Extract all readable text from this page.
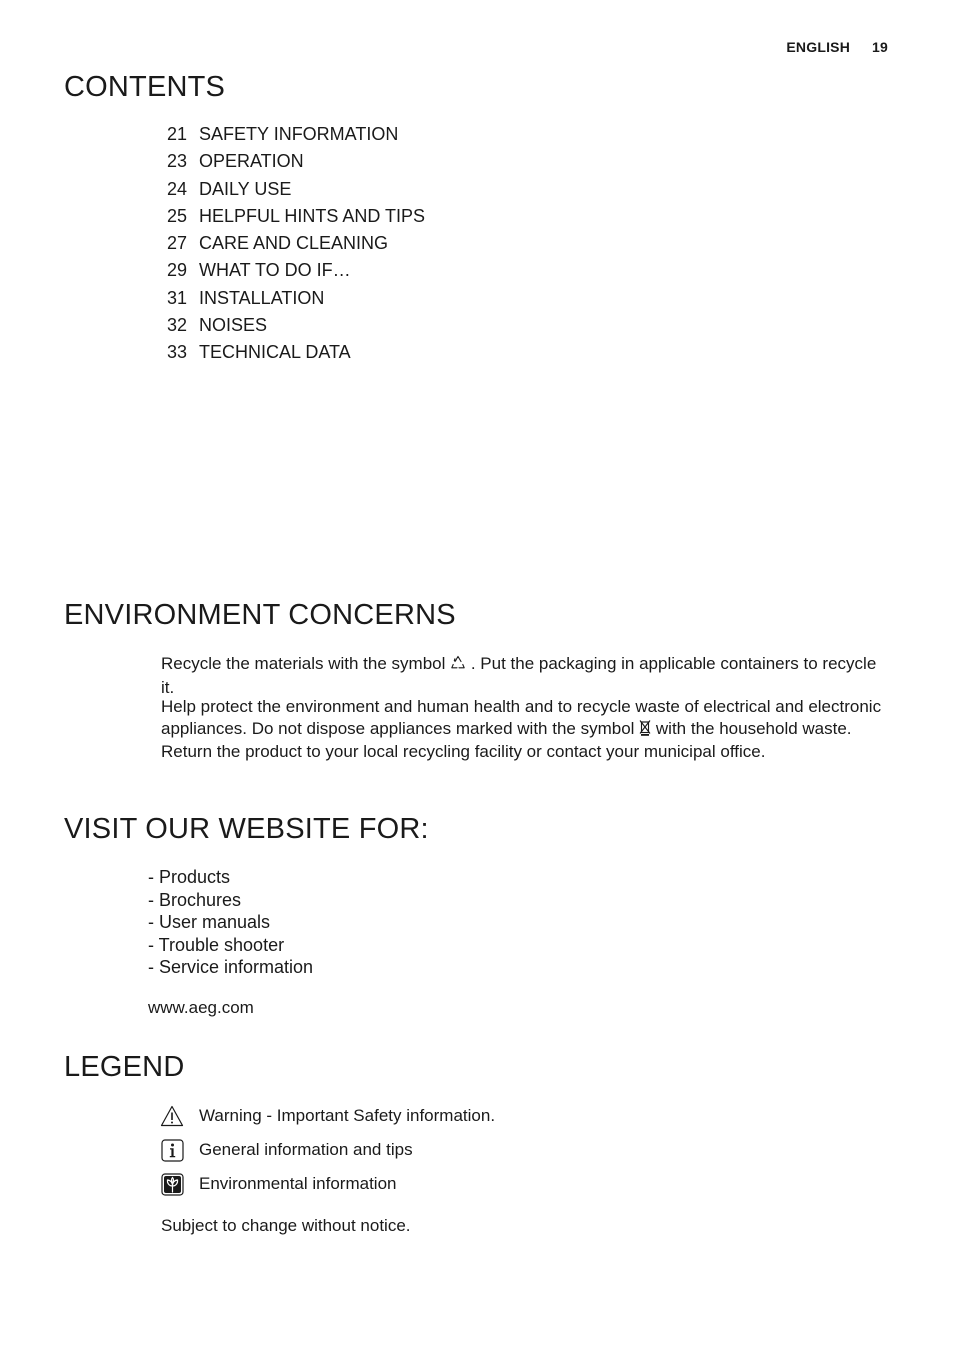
ENGLISH 19
CONTENTS
21 SAFETY INFORMATION
23 OPERATION
24 DAILY USE
25 HELPFUL HINTS AND TIPS
27 CARE AND CLEANING
29 WHAT TO DO IF…
31 INSTALLATION
32 NOISES
33 TECHNICAL DATA
ENVIRONMENT CONCERNS

Recycle the materials with the symbol . Put the packaging in applicable containers to recycle it.

Help protect the environment and human health and to recycle waste of electrical and electronic appliances. Do not dispose appliances marked with the symbol with the household waste. Return the product to your local recycling facility or contact your municipal office.

VISIT OUR WEBSITE FOR:
- Products
- Brochures
- User manuals
- Trouble shooter
- Service information
www.aeg.com
LEGEND
Warning - Important Safety information.
General information and tips
Environmental information
Subject to change without notice.
